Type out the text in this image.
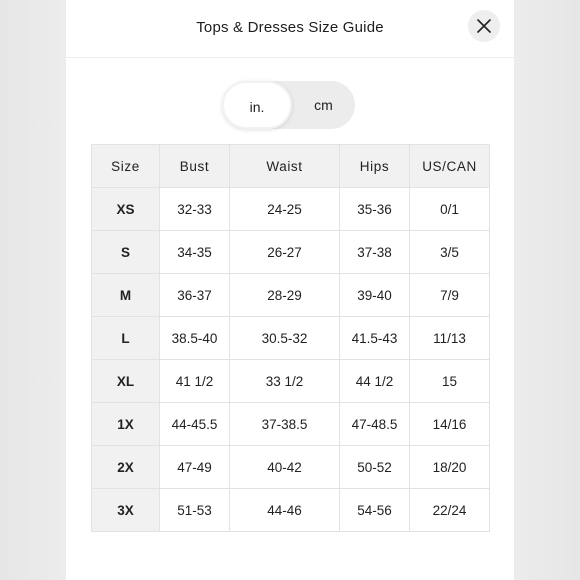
Tops & Dresses Size Guide
in.	cm
Size	Bust	Waist	Hips	US/CAN
XS	32-33	24-25	35-36	0/1
S	34-35	26-27	37-38	3/5
M	36-37	28-29	39-40	7/9
L	38.5-40	30.5-32	41.5-43	11/13
XL	41 1/2	33 1/2	44 1/2	15
1X	44-45.5	37-38.5	47-48.5	14/16
2X	47-49	40-42	50-52	18/20
3X	51-53	44-46	54-56	22/24
